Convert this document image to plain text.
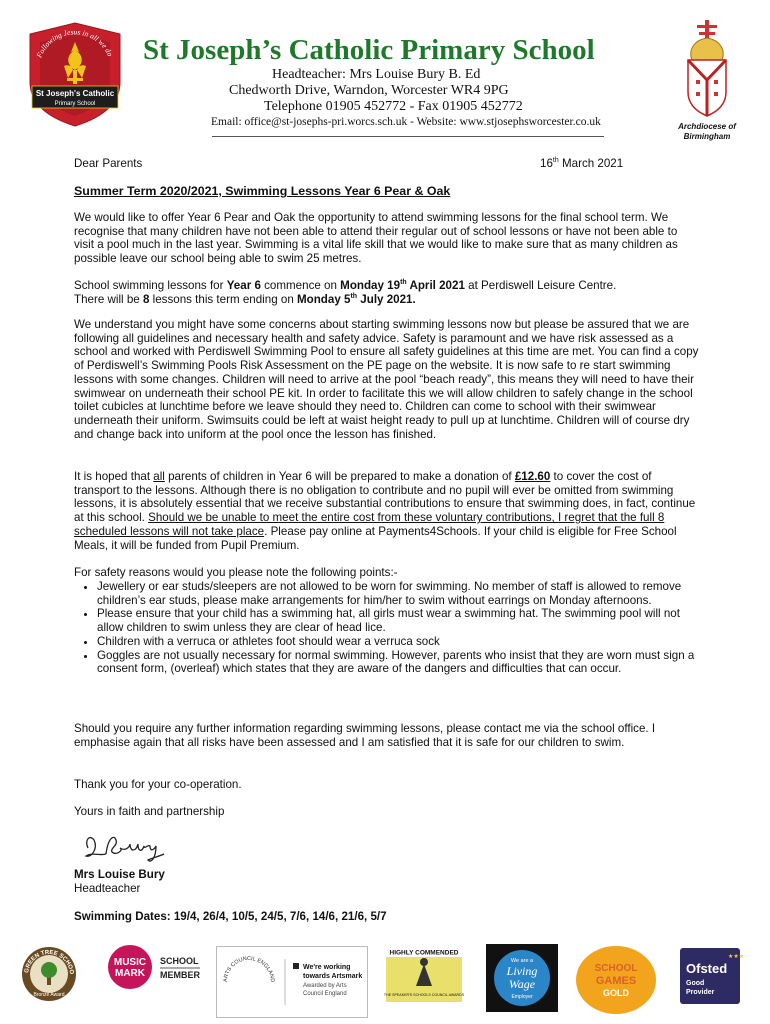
Following Jesus in all we do
St Joseph's Catholic
Primary School
St Joseph’s Catholic Primary School
Headteacher: Mrs Louise Bury B. Ed
Chedworth Drive, Warndon, Worcester WR4 9PG
Telephone 01905 452772 - Fax 01905 452772
Email: office@st-josephs-pri.worcs.sch.uk - Website: www.stjosephsworcester.co.uk	Archdiocese of
Birmingham
Dear Parents	16th March 2021
Summer Term 2020/2021, Swimming Lessons Year 6 Pear & Oak
We would like to offer Year 6 Pear and Oak the opportunity to attend swimming lessons for the final school term. We recognise that many children have not been able to attend their regular out of school lessons or have not been able to visit a pool much in the last year. Swimming is a vital life skill that we would like to make sure that as many children as possible leave our school being able to swim 25 metres.
School swimming lessons for Year 6 commence on Monday 19th April 2021 at Perdiswell Leisure Centre.
There will be 8 lessons this term ending on Monday 5th July 2021.
We understand you might have some concerns about starting swimming lessons now but please be assured that we are following all guidelines and necessary health and safety advice. Safety is paramount and we have risk assessed as a school and worked with Perdiswell Swimming Pool to ensure all safety guidelines at this time are met. You can find a copy of Perdiswell’s Swimming Pools Risk Assessment on the PE page on the website. It is now safe to re start swimming lessons with some changes. Children will need to arrive at the pool “beach ready”, this means they will need to have their swimwear on underneath their school PE kit. In order to facilitate this we will allow children to safely change in the school toilet cubicles at lunchtime before we leave should they need to. Children can come to school with their swimwear underneath their uniform. Swimsuits could be left at waist height ready to pull up at lunchtime. Children will of course dry and change back into uniform at the pool once the lesson has finished.
It is hoped that all parents of children in Year 6 will be prepared to make a donation of £12.60 to cover the cost of transport to the lessons. Although there is no obligation to contribute and no pupil will ever be omitted from swimming lessons, it is absolutely essential that we receive substantial contributions to ensure that swimming does, in fact, continue at this school. Should we be unable to meet the entire cost from these voluntary contributions, I regret that the full 8 scheduled lessons will not take place. Please pay online at Payments4Schools. If your child is eligible for Free School Meals, it will be funded from Pupil Premium.
For safety reasons would you please note the following points:-
• Jewellery or ear studs/sleepers are not allowed to be worn for swimming. No member of staff is allowed to remove children’s ear studs, please make arrangements for him/her to swim without earrings on Monday afternoons.
• Please ensure that your child has a swimming hat, all girls must wear a swimming hat. The swimming pool will not allow children to swim unless they are clear of head lice.
• Children with a verruca or athletes foot should wear a verruca sock
• Goggles are not usually necessary for normal swimming. However, parents who insist that they are worn must sign a consent form, (overleaf) which states that they are aware of the dangers and difficulties that can occur.
Should you require any further information regarding swimming lessons, please contact me via the school office. I emphasise again that all risks have been assessed and I am satisfied that it is safe for our children to swim.
Thank you for your co-operation.
Yours in faith and partnership
Mrs Louise Bury
Headteacher
Swimming Dates: 19/4, 26/4, 10/5, 24/5, 7/6, 14/6, 21/6, 5/7
GREEN TREE SCHOO
Bronze Award
MUSIC
MARK
SCHOOL
MEMBER
ARTS COUNCIL ENGLAND
We're working
towards Artsmark
Awarded by Arts
Council England
HIGHLY COMMENDED
THE SPEAKER'S SCHOOLS COUNCIL AWARDS
We are a
Living
Wage
Employer
SCHOOL
GAMES
GOLD
★★★
Ofsted
Good
Provider
